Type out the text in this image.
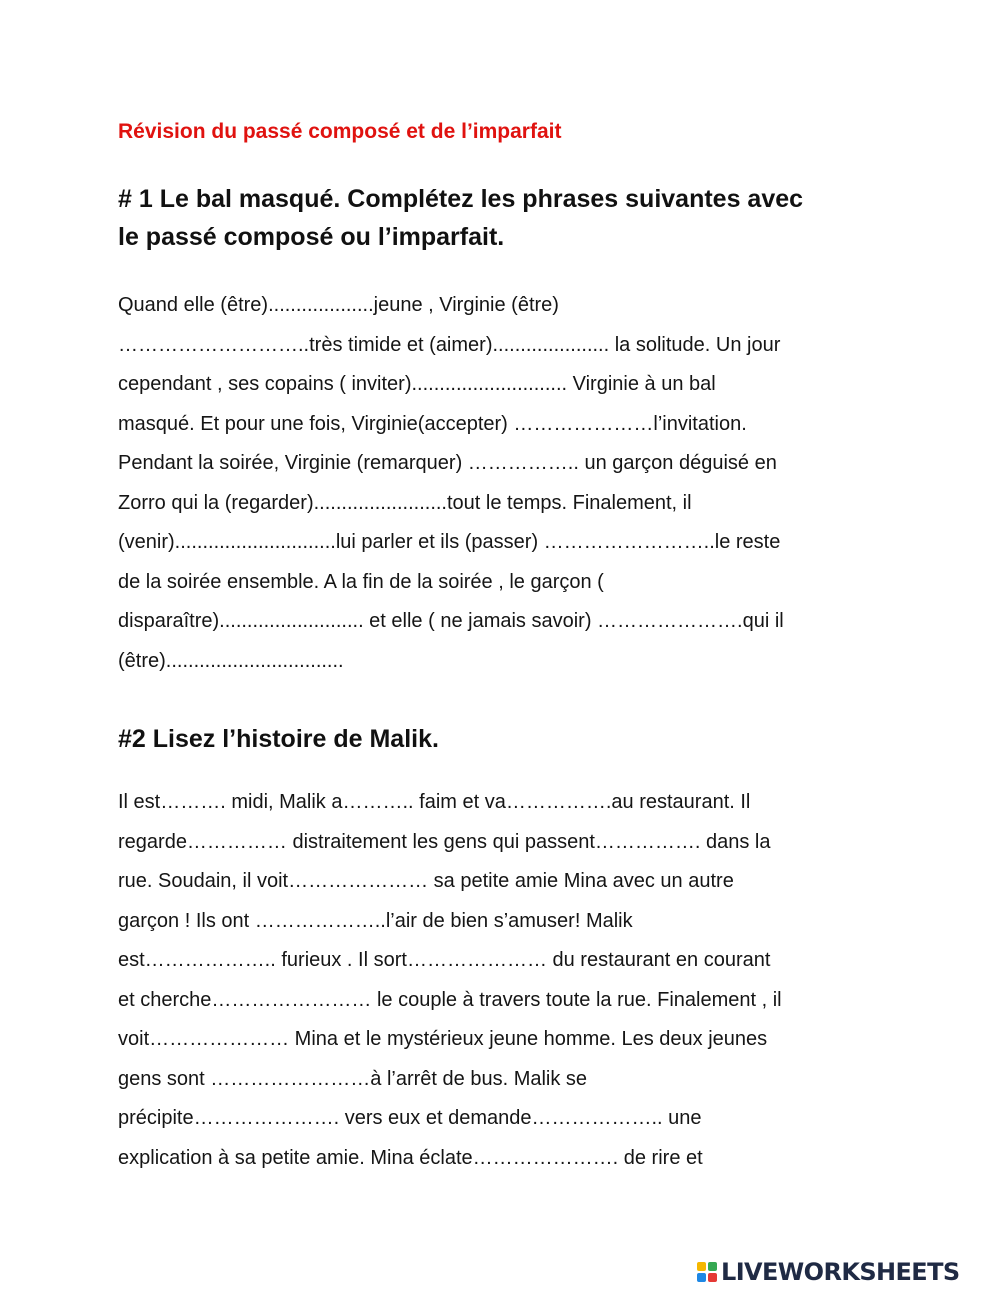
Révision du passé composé et de l’imparfait
# 1 Le bal masqué. Complétez les phrases suivantes avec
le passé composé ou l’imparfait.
Quand elle (être)...................jeune , Virginie (être)
………………………..très timide et (aimer)..................... la solitude. Un jour
cependant , ses copains ( inviter)............................ Virginie à un bal
masqué. Et pour une fois, Virginie(accepter) …………………l’invitation.
Pendant la soirée, Virginie (remarquer) …………….. un garçon déguisé en
Zorro qui la (regarder)........................tout le temps. Finalement, il
(venir).............................lui parler et ils (passer) ……………………..le reste
de la soirée ensemble. A la fin de la soirée , le garçon (
disparaître).......................... et elle ( ne jamais savoir) ………………….qui il
(être)................................
#2 Lisez l’histoire de Malik.
Il est………. midi, Malik a……….. faim et va…………….au restaurant. Il
regarde…………… distraitement les gens qui passent……………. dans la
rue. Soudain, il voit………………… sa petite amie Mina avec un autre
garçon ! Ils ont ………………..l’air de bien s’amuser! Malik
est……………….. furieux . Il sort………………… du restaurant en courant
et cherche…………………… le couple à travers toute la rue. Finalement , il
voit………………… Mina et le mystérieux jeune homme. Les deux jeunes
gens sont ……………………à l’arrêt de bus. Malik se
précipite…………………. vers eux et demande……………….. une
explication à sa petite amie. Mina éclate…………………. de rire et
LIVEWORKSHEETS
